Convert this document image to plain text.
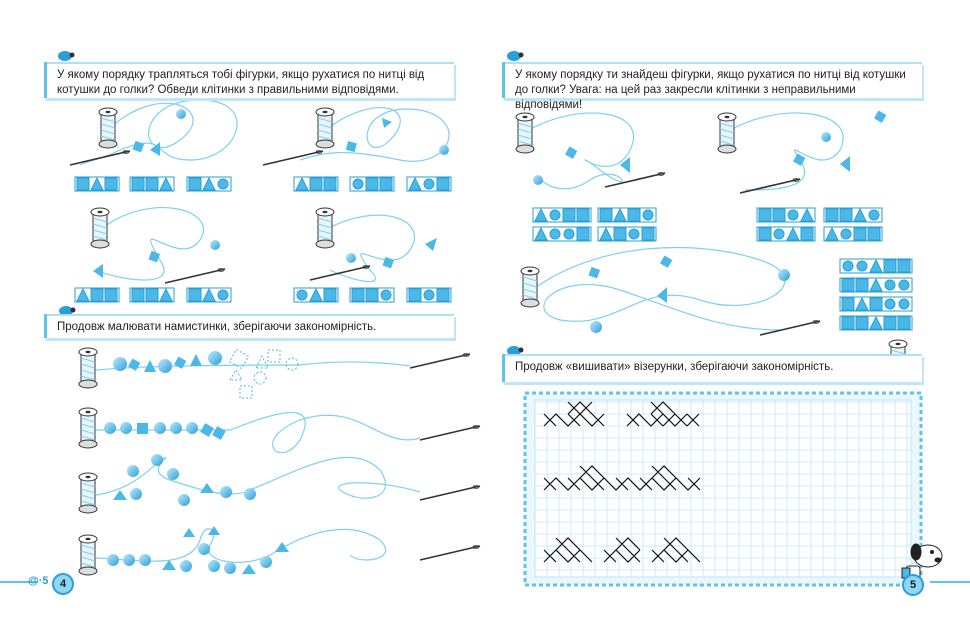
У якому порядку трапляться тобі фігурки, якщо рухатися по нитці від котушки до голки? Обведи клітинки з правильними відповідями.
Продовж малювати намистинки, зберігаючи закономірність.
У якому порядку ти знайдеш фігурки, якщо рухатися по нитці від котушки до голки? Увага: на цей раз закресли клітинки з неправильними відповідями!
Продовж «вишивати» візерунки, зберігаючи закономірність.
@·5	4	5
